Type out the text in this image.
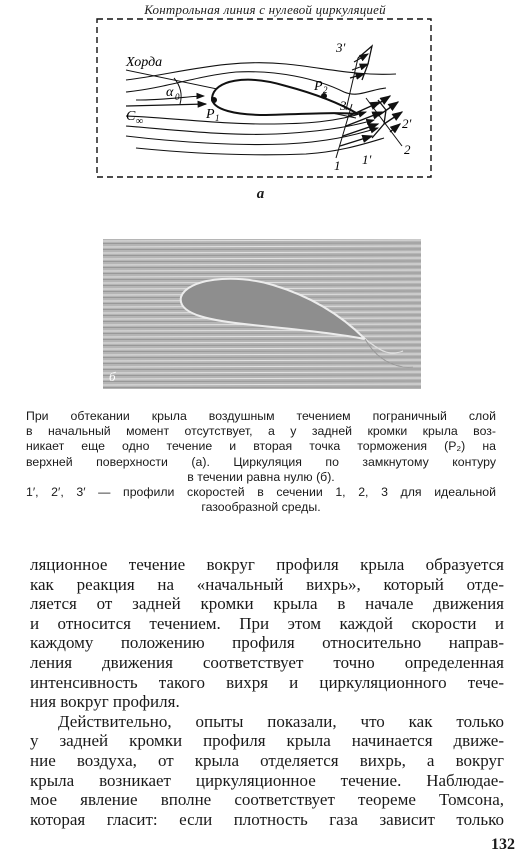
Контрольная линия с нулевой циркуляцией
Хорда
α 0
C ∞	P 1
P 2
1 1'
2
2'
3
3'
a
б

При обтекании крыла воздушным течением пограничный слой
в начальный момент отсутствует, а у задней кромки крыла воз-
никает еще одно течение и вторая точка торможения (P₂) на
верхней поверхности (а). Циркуляция по замкнутому контуру
в течении равна нулю (б).
1′, 2′, 3′ — профили скоростей в сечении 1, 2, 3 для идеальной
газообразной среды.

ляционное течение вокруг профиля крыла образуется
как реакция на «начальный вихрь», который отде-
ляется от задней кромки крыла в начале движения
и относится течением. При этом каждой скорости и
каждому положению профиля относительно направ-
ления движения соответствует точно определенная
интенсивность такого вихря и циркуляционного тече-
ния вокруг профиля.
Действительно, опыты показали, что как только
у задней кромки профиля крыла начинается движе-
ние воздуха, от крыла отделяется вихрь, а вокруг
крыла возникает циркуляционное течение. Наблюдае-
мое явление вполне соответствует теореме Томсона,
которая гласит: если плотность газа зависит только
132
